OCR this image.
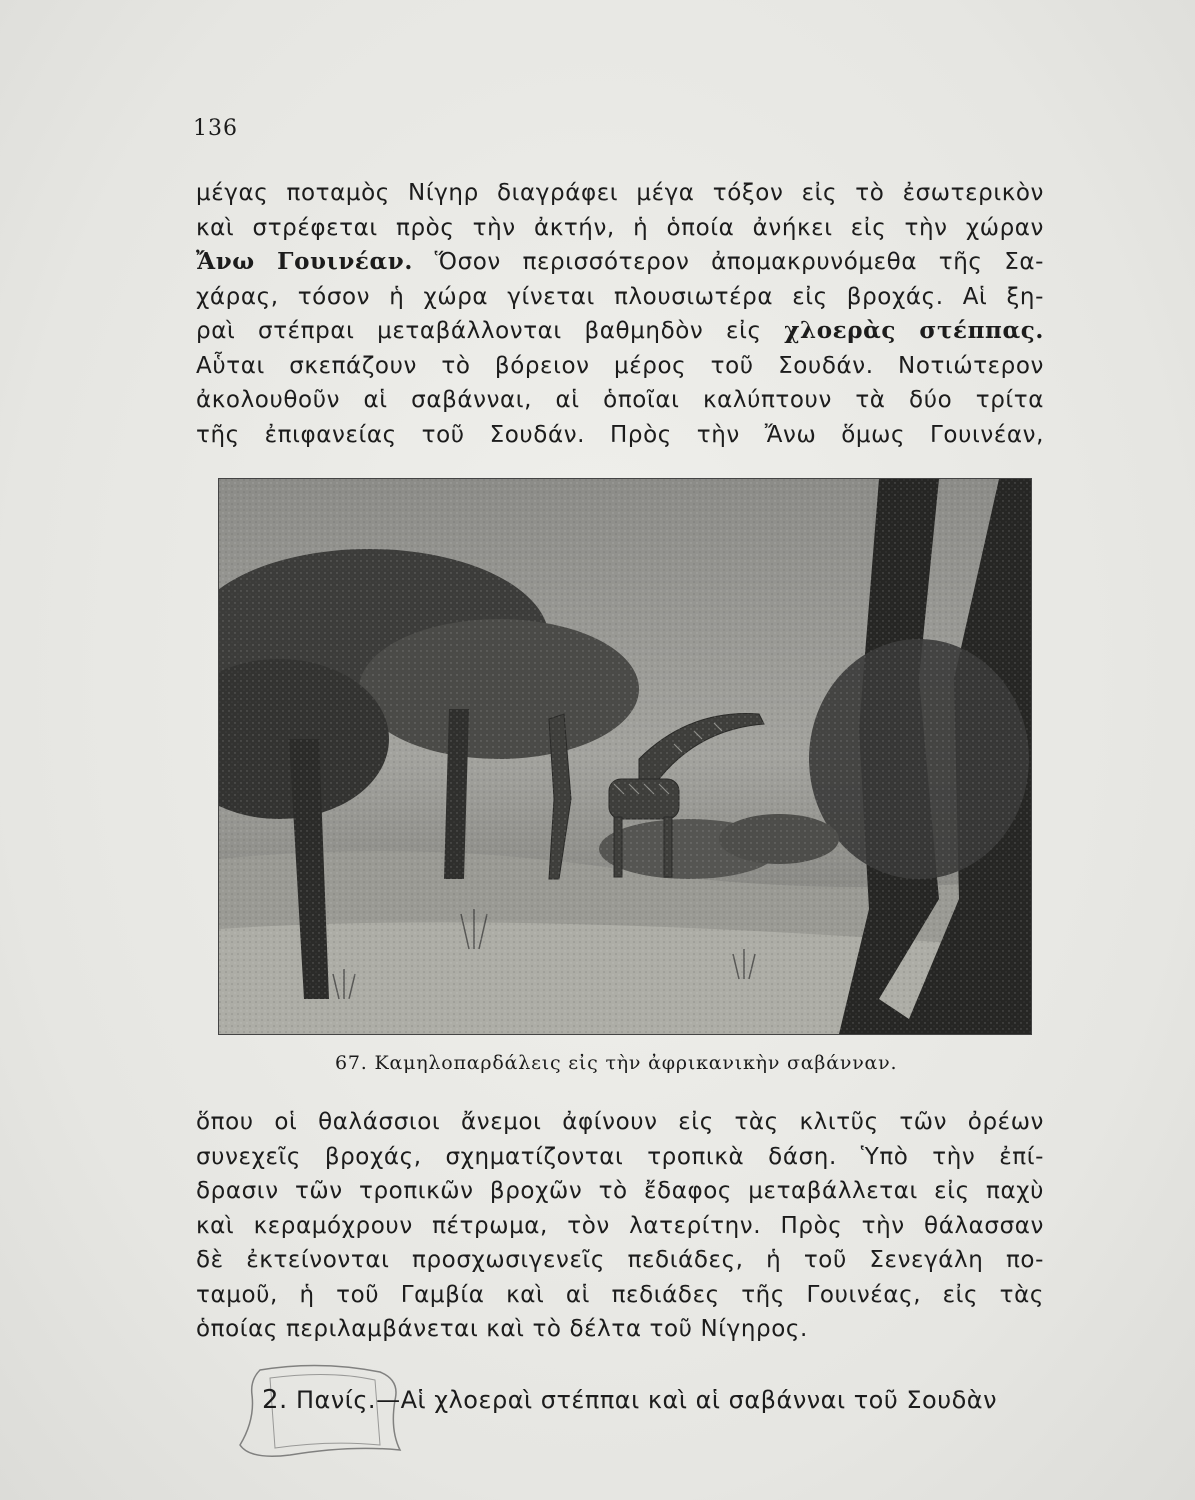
136
μέγας ποταμὸς Νίγηρ διαγράφει μέγα τόξον εἰς τὸ ἐσωτερικὸν
καὶ στρέφεται πρὸς τὴν ἀκτήν, ἡ ὁποία ἀνήκει εἰς τὴν χώραν
Ἄνω Γουινέαν. Ὅσον περισσότερον ἀπομακρυνόμεθα τῆς Σα-
χάρας, τόσον ἡ χώρα γίνεται πλουσιωτέρα εἰς βροχάς. Αἱ ξη-
ραὶ στέπpαι μεταβάλλονται βαθμηδὸν εἰς χλοερὰς στέππας.
Αὗται σκεπάζουν τὸ βόρειον μέρος τοῦ Σουδάν. Νοτιώτερον
ἀκολουθοῦν αἱ σαβάνναι, αἱ ὁποῖαι καλύπτουν τὰ δύο τρίτα
τῆς ἐπιφανείας τοῦ Σουδάν. Πρὸς τὴν Ἄνω ὅμως Γουινέαν,
67. Καμηλοπαρδάλεις εἰς τὴν ἀφρικανικὴν σαβάνναν.
ὅπου οἱ θαλάσσιοι ἄνεμοι ἀφίνουν εἰς τὰς κλιτῦς τῶν ὀρέων
συνεχεῖς βροχάς, σχηματίζονται τροπικὰ δάση. Ὑπὸ τὴν ἐπί-
δρασιν τῶν τροπικῶν βροχῶν τὸ ἔδαφος μεταβάλλεται εἰς παχὺ
καὶ κεραμόχρουν πέτρωμα, τὸν λατερίτην. Πρὸς τὴν θάλασσαν
δὲ ἐκτείνονται προσχωσιγενεῖς πεδιάδες, ἡ τοῦ Σενεγάλη πο-
ταμοῦ, ἡ τοῦ Γαμβία καὶ αἱ πεδιάδες τῆς Γουινέας, εἰς τὰς
ὁποίας περιλαμβάνεται καὶ τὸ δέλτα τοῦ Νίγηρος.
2. Πανίς.—Αἱ χλοεραὶ στέππαι καὶ αἱ σαβάνναι τοῦ Σουδὰν
